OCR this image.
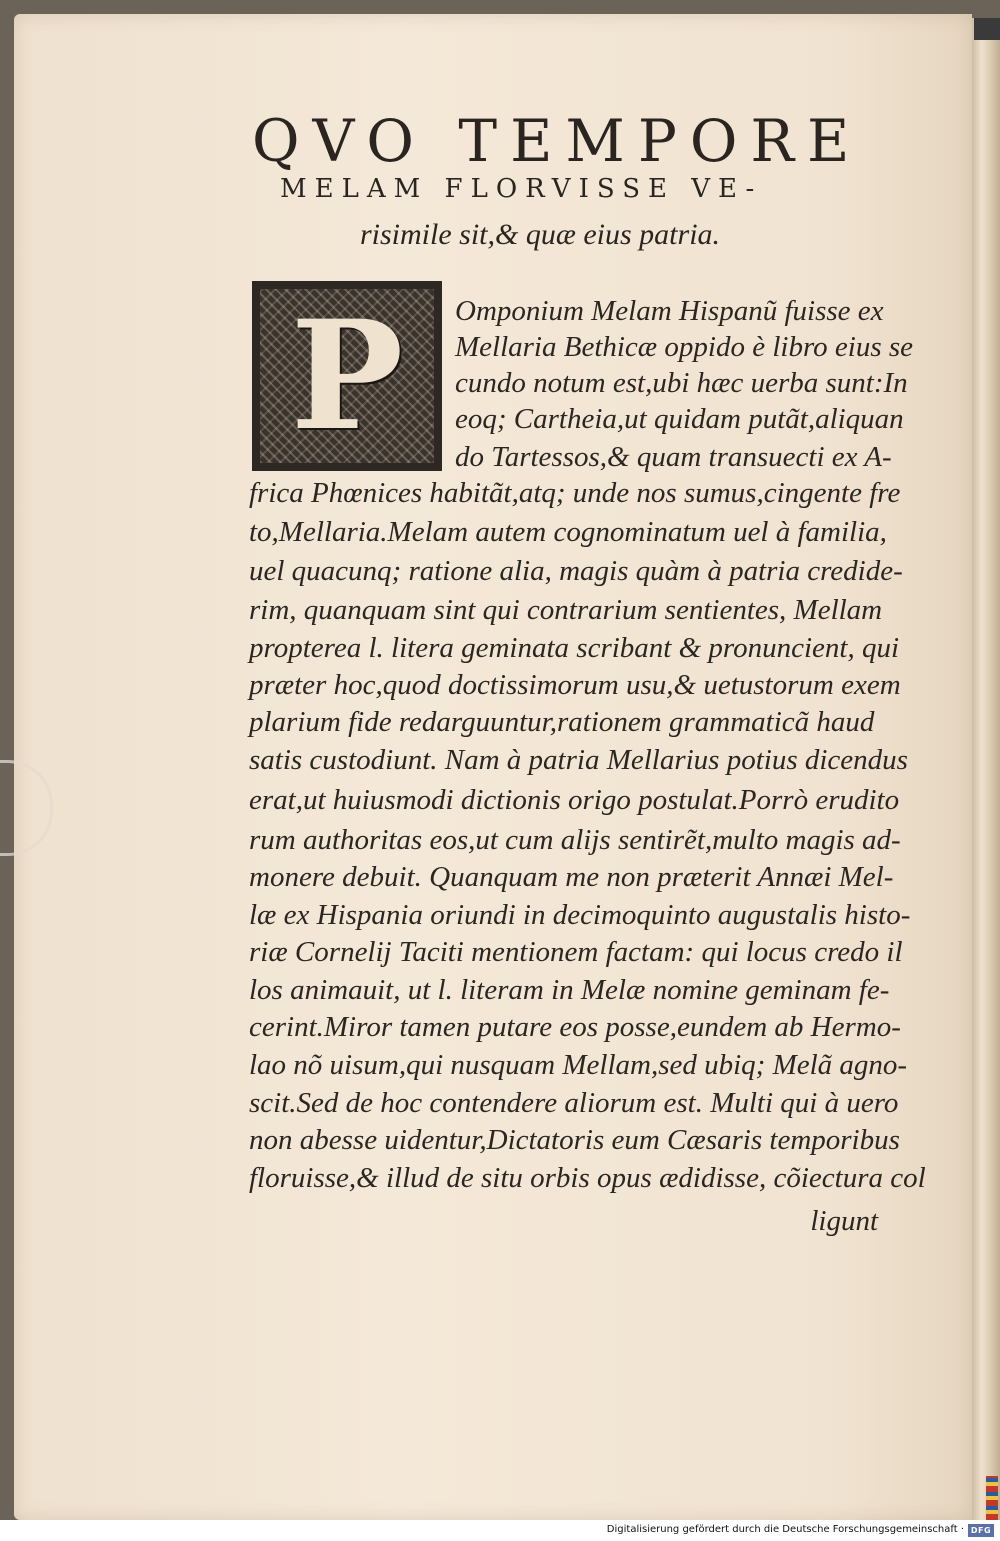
QVO TEMPORE
MELAM FLORVISSE VE-
risimile sit,& quæ eius patria.
P	Omponium Melam Hispanũ fuisse ex
Mellaria Bethicæ oppido è libro eius se
cundo notum est,ubi hæc uerba sunt:In
eoq; Cartheia,ut quidam putãt,aliquan
do Tartessos,& quam transuecti ex A-
frica Phœnices habitãt,atq; unde nos sumus,cingente fre
to,Mellaria.Melam autem cognominatum uel à familia,
uel quacunq; ratione alia, magis quàm à patria credide-
rim, quanquam sint qui contrarium sentientes, Mellam
propterea l. litera geminata scribant & pronuncient, qui
præter hoc,quod doctissimorum usu,& uetustorum exem
plarium fide redarguuntur,rationem grammaticã haud
satis custodiunt. Nam à patria Mellarius potius dicendus
erat,ut huiusmodi dictionis origo postulat.Porrò erudito
rum authoritas eos,ut cum alijs sentirẽt,multo magis ad-
monere debuit. Quanquam me non præterit Annæi Mel-
læ ex Hispania oriundi in decimoquinto augustalis histo-
riæ Cornelij Taciti mentionem factam: qui locus credo il
los animauit, ut l. literam in Melæ nomine geminam fe-
cerint.Miror tamen putare eos posse,eundem ab Hermo-
lao nõ uisum,qui nusquam Mellam,sed ubiq; Melã agno-
scit.Sed de hoc contendere aliorum est. Multi qui à uero
non abesse uidentur,Dictatoris eum Cæsaris temporibus
floruisse,& illud de situ orbis opus ædidisse, cõiectura col
ligunt
Digitalisierung gefördert durch die Deutsche Forschungsgemeinschaft · DFG
